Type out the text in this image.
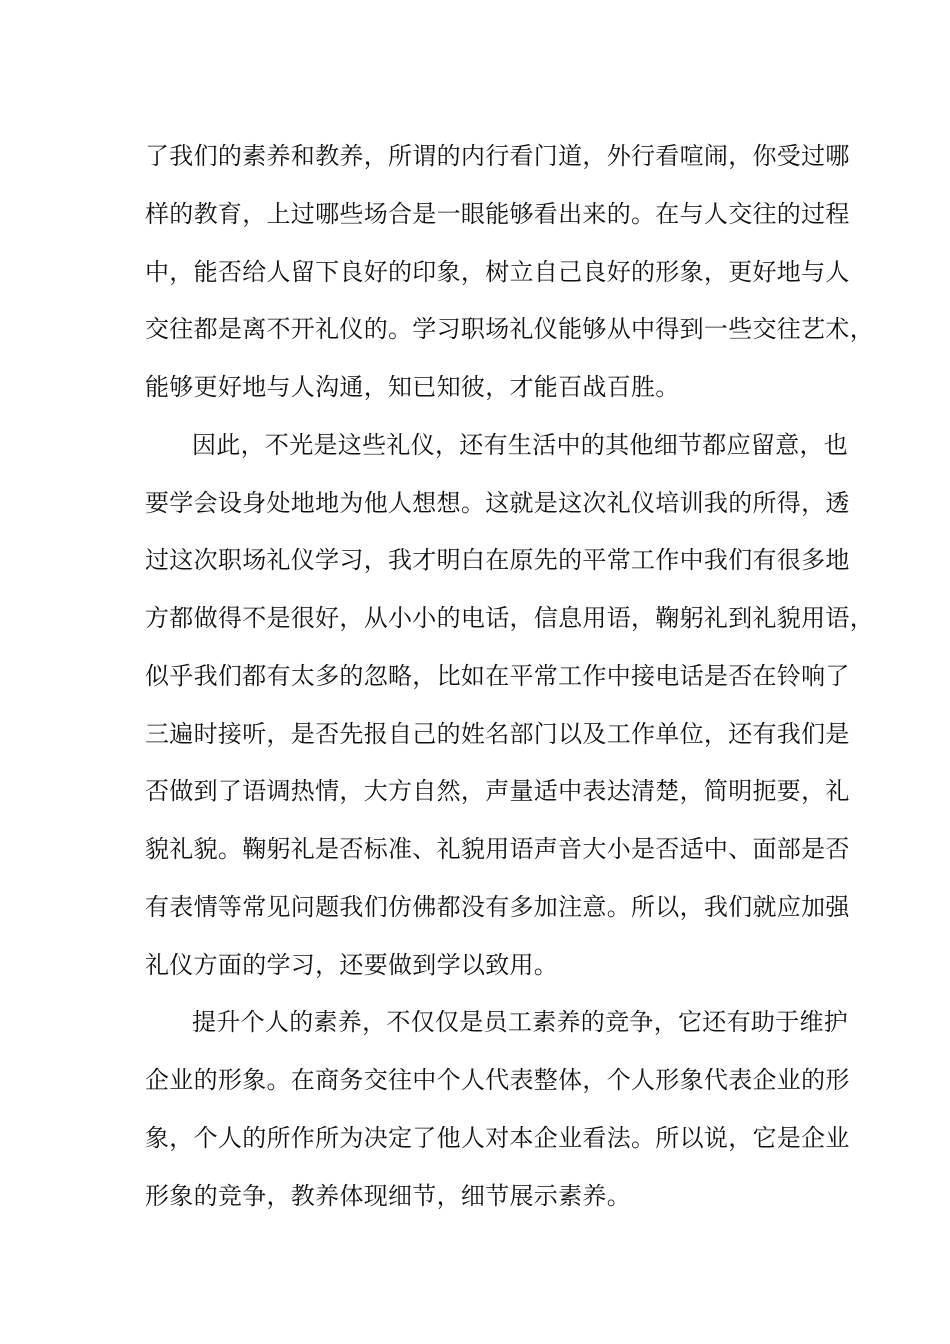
了我们的素养和教养，所谓的内行看门道，外行看喧闹，你受过哪
样的教育，上过哪些场合是一眼能够看出来的。在与人交往的过程
中，能否给人留下良好的印象，树立自己良好的形象，更好地与人
交往都是离不开礼仪的。学习职场礼仪能够从中得到一些交往艺术，
能够更好地与人沟通，知已知彼，才能百战百胜。
因此，不光是这些礼仪，还有生活中的其他细节都应留意，也
要学会设身处地地为他人想想。这就是这次礼仪培训我的所得，透
过这次职场礼仪学习，我才明白在原先的平常工作中我们有很多地
方都做得不是很好，从小小的电话，信息用语，鞠躬礼到礼貌用语，
似乎我们都有太多的忽略，比如在平常工作中接电话是否在铃响了
三遍时接听，是否先报自己的姓名部门以及工作单位，还有我们是
否做到了语调热情，大方自然，声量适中表达清楚，简明扼要，礼
貌礼貌。鞠躬礼是否标准、礼貌用语声音大小是否适中、面部是否
有表情等常见问题我们仿佛都没有多加注意。所以，我们就应加强
礼仪方面的学习，还要做到学以致用。
提升个人的素养，不仅仅是员工素养的竞争，它还有助于维护
企业的形象。在商务交往中个人代表整体，个人形象代表企业的形
象，个人的所作所为决定了他人对本企业看法。所以说，它是企业
形象的竞争，教养体现细节，细节展示素养。
